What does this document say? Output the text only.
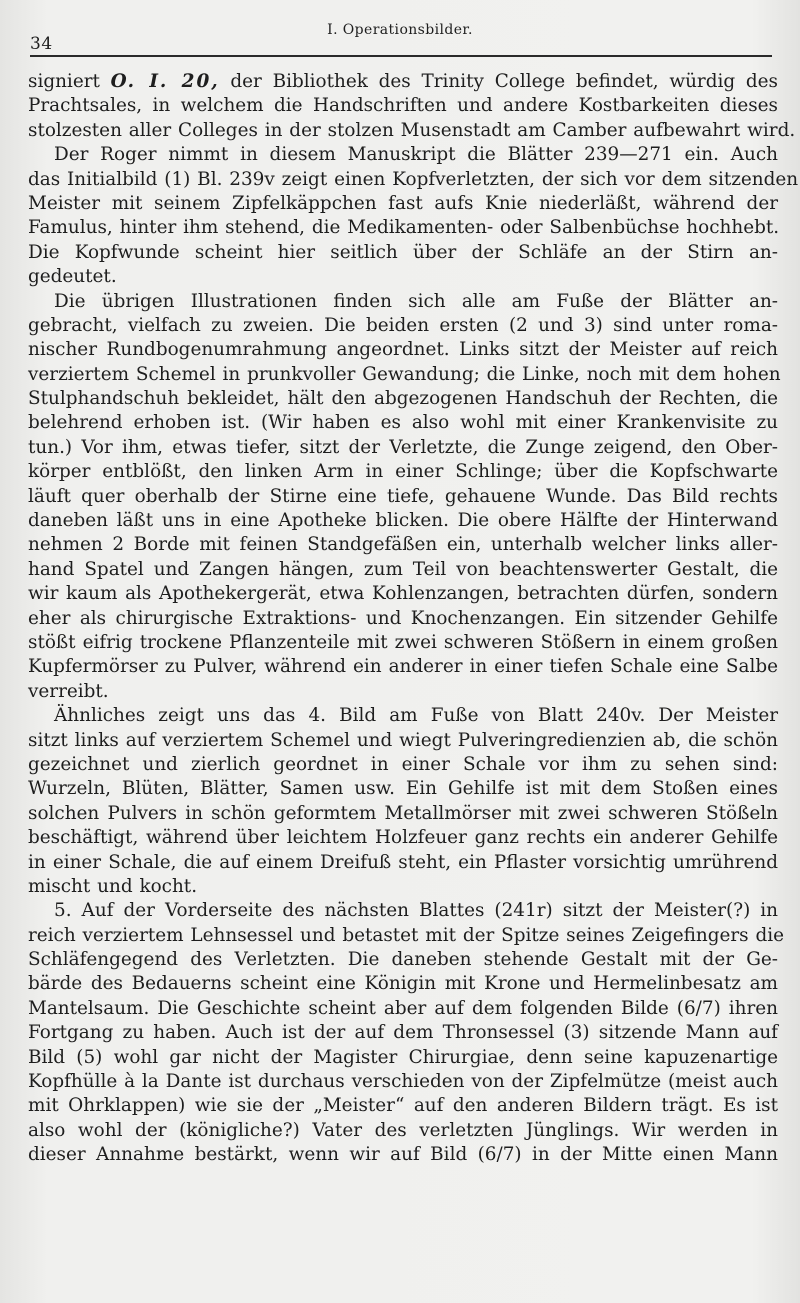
34
I. Operationsbilder.
signiert O. I. 20, der Bibliothek des Trinity College befindet, würdig des
Prachtsales, in welchem die Handschriften und andere Kostbarkeiten dieses
stolzesten aller Colleges in der stolzen Musenstadt am Camber aufbewahrt wird.
Der Roger nimmt in diesem Manuskript die Blätter 239—271 ein. Auch
das Initialbild (1) Bl. 239v zeigt einen Kopfverletzten, der sich vor dem sitzenden
Meister mit seinem Zipfelkäppchen fast aufs Knie niederläßt, während der
Famulus, hinter ihm stehend, die Medikamenten- oder Salbenbüchse hochhebt.
Die Kopfwunde scheint hier seitlich über der Schläfe an der Stirn an-
gedeutet.
Die übrigen Illustrationen finden sich alle am Fuße der Blätter an-
gebracht, vielfach zu zweien. Die beiden ersten (2 und 3) sind unter roma-
nischer Rundbogenumrahmung angeordnet. Links sitzt der Meister auf reich
verziertem Schemel in prunkvoller Gewandung; die Linke, noch mit dem hohen
Stulphandschuh bekleidet, hält den abgezogenen Handschuh der Rechten, die
belehrend erhoben ist. (Wir haben es also wohl mit einer Krankenvisite zu
tun.) Vor ihm, etwas tiefer, sitzt der Verletzte, die Zunge zeigend, den Ober-
körper entblößt, den linken Arm in einer Schlinge; über die Kopfschwarte
läuft quer oberhalb der Stirne eine tiefe, gehauene Wunde. Das Bild rechts
daneben läßt uns in eine Apotheke blicken. Die obere Hälfte der Hinterwand
nehmen 2 Borde mit feinen Standgefäßen ein, unterhalb welcher links aller-
hand Spatel und Zangen hängen, zum Teil von beachtenswerter Gestalt, die
wir kaum als Apothekergerät, etwa Kohlenzangen, betrachten dürfen, sondern
eher als chirurgische Extraktions- und Knochenzangen. Ein sitzender Gehilfe
stößt eifrig trockene Pflanzenteile mit zwei schweren Stößern in einem großen
Kupfermörser zu Pulver, während ein anderer in einer tiefen Schale eine Salbe
verreibt.
Ähnliches zeigt uns das 4. Bild am Fuße von Blatt 240v. Der Meister
sitzt links auf verziertem Schemel und wiegt Pulveringredienzien ab, die schön
gezeichnet und zierlich geordnet in einer Schale vor ihm zu sehen sind:
Wurzeln, Blüten, Blätter, Samen usw. Ein Gehilfe ist mit dem Stoßen eines
solchen Pulvers in schön geformtem Metallmörser mit zwei schweren Stößeln
beschäftigt, während über leichtem Holzfeuer ganz rechts ein anderer Gehilfe
in einer Schale, die auf einem Dreifuß steht, ein Pflaster vorsichtig umrührend
mischt und kocht.
5. Auf der Vorderseite des nächsten Blattes (241r) sitzt der Meister(?) in
reich verziertem Lehnsessel und betastet mit der Spitze seines Zeigefingers die
Schläfengegend des Verletzten. Die daneben stehende Gestalt mit der Ge-
bärde des Bedauerns scheint eine Königin mit Krone und Hermelinbesatz am
Mantelsaum. Die Geschichte scheint aber auf dem folgenden Bilde (6/7) ihren
Fortgang zu haben. Auch ist der auf dem Thronsessel (3) sitzende Mann auf
Bild (5) wohl gar nicht der Magister Chirurgiae, denn seine kapuzenartige
Kopfhülle à la Dante ist durchaus verschieden von der Zipfelmütze (meist auch
mit Ohrklappen) wie sie der „Meister“ auf den anderen Bildern trägt. Es ist
also wohl der (königliche?) Vater des verletzten Jünglings. Wir werden in
dieser Annahme bestärkt, wenn wir auf Bild (6/7) in der Mitte einen Mann
